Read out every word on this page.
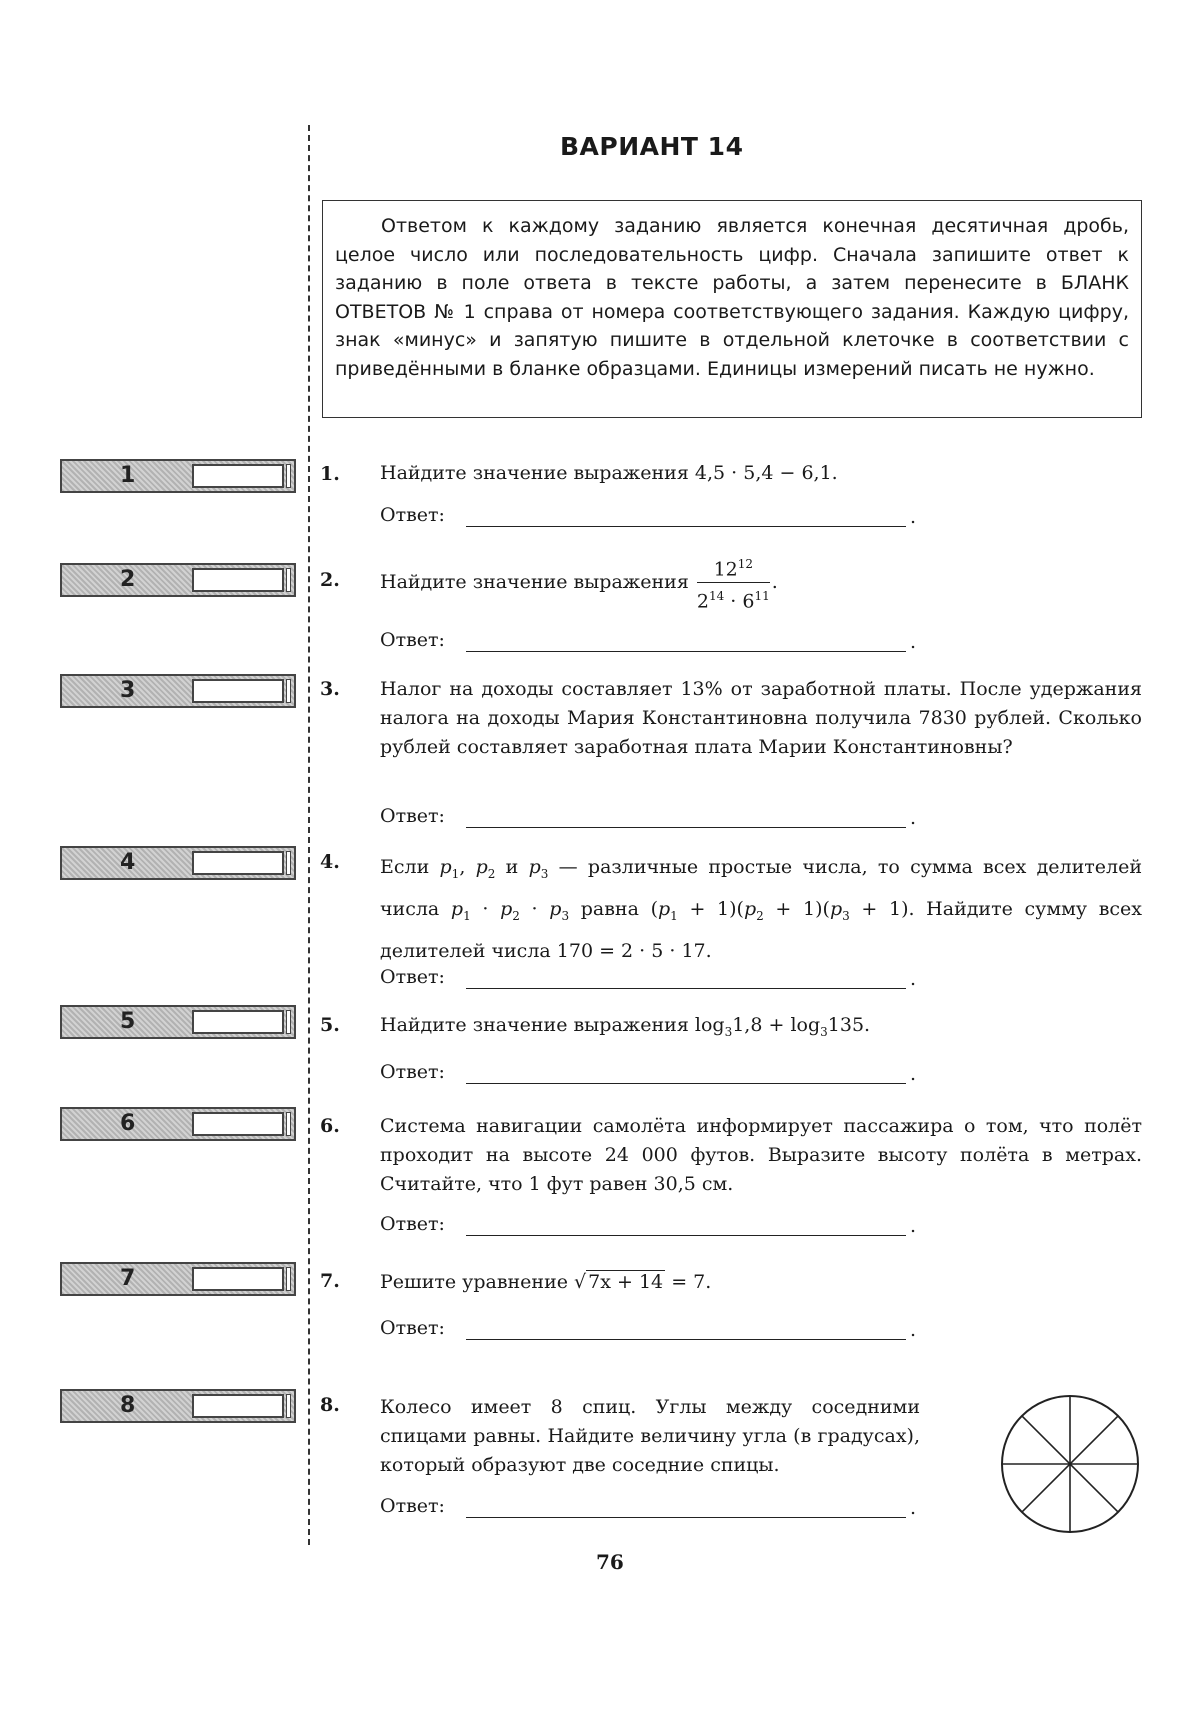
ВАРИАНТ 14
Ответом к каждому заданию является конечная десятичная дробь, целое число или последовательность цифр. Сначала запишите ответ к заданию в поле ответа в тексте работы, а затем перенесите в БЛАНК ОТВЕТОВ № 1 справа от номера соответствующего задания. Каждую цифру, знак «минус» и запятую пишите в отдельной клеточке в соответствии с приведёнными в бланке образцами. Единицы измерений писать не нужно.
1	1. Найдите значение выражения 4,5 · 5,4 − 6,1.
Ответ:	.
2	2. Найдите значение выражения $\frac{12^{12}}{2^{14} \cdot 6^{11}}$ .
Ответ:	.
3	3. Налог на доходы составляет 13% от заработной платы. После удержания налога на доходы Мария Константиновна получила 7830 рублей. Сколько рублей составляет заработная плата Марии Константиновны?
Ответ:	.
4	4. Если $p_1$, $p_2$ и $p_3$ — различные простые числа, то сумма всех делителей числа $p_1 \cdot p_2 \cdot p_3$ равна $(p_1 + 1)(p_2 + 1)(p_3 + 1)$. Найдите сумму всех делителей числа 170 = 2 · 5 · 17.
Ответ:	.
5	5. Найдите значение выражения $\log_31,8 + \log_3135$.
Ответ:	.
6	6. Система навигации самолёта информирует пассажира о том, что полёт проходит на высоте 24 000 футов. Выразите высоту полёта в метрах. Считайте, что 1 фут равен 30,5 см.
Ответ:	.
7	7. Решите уравнение √ 7x + 14 = 7.
Ответ:	.
8	8. Колесо имеет 8 спиц. Углы между соседними спицами равны. Найдите величину угла (в градусах), который образуют две соседние спицы.
Ответ:	.
76
